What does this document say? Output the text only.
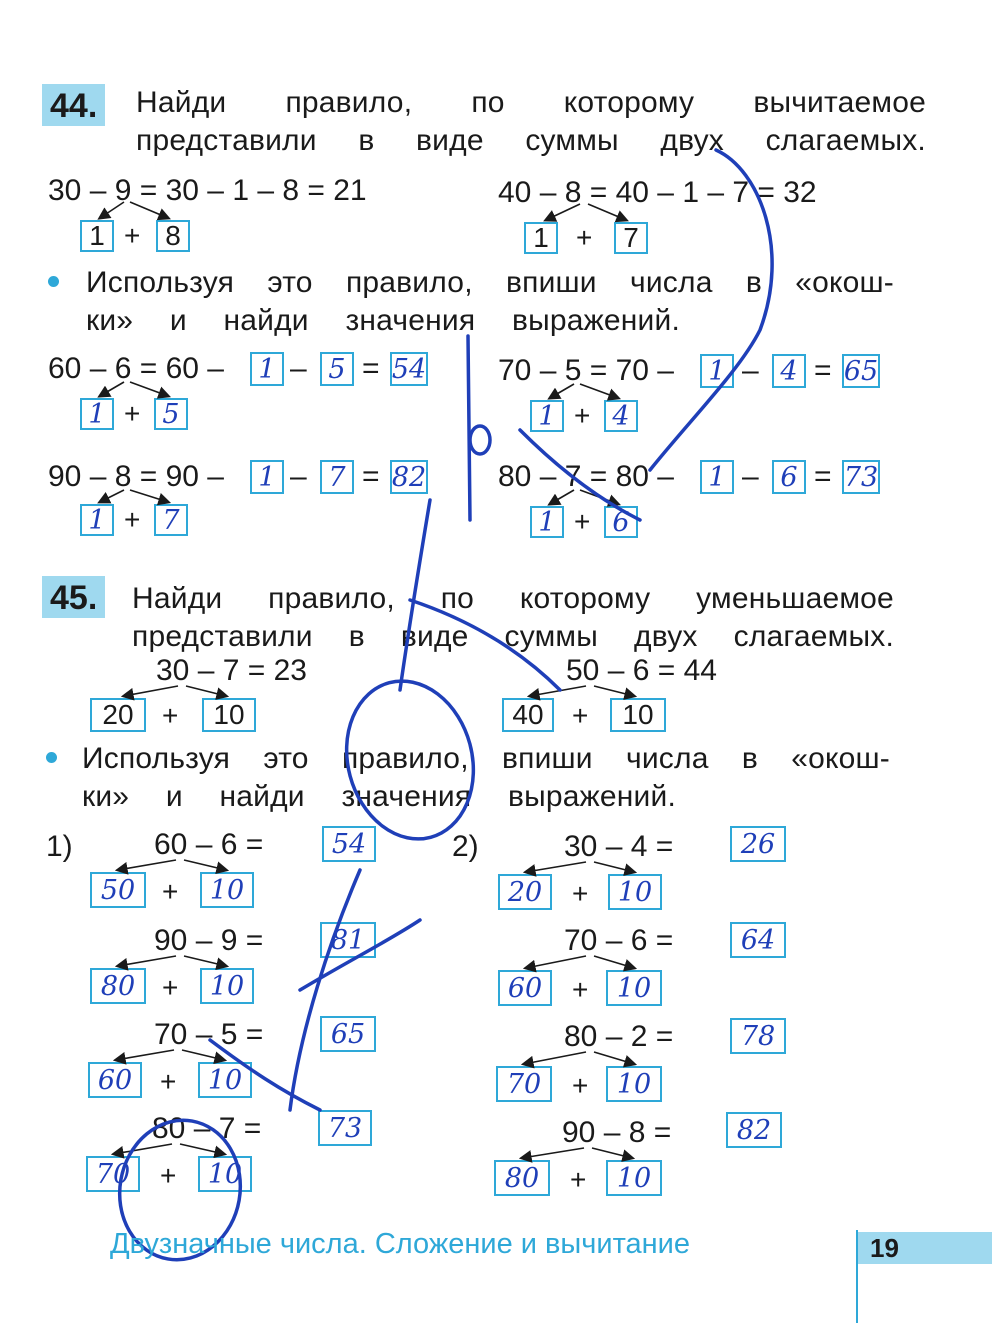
44. Найди правило, по которому вычитаемое
представили в виде суммы двух слагаемых.
30 – 9 = 30 – 1 – 8 = 21
1 + 8
40 – 8 = 40 – 1 – 7 = 32
1 +	7
Используя это правило, впиши числа в «окош-
ки» и найди значения выражений.
60 – 6 = 60 –	1 – 5 = 54
1 + 5
70 – 5 = 70 –	1 – 4 = 65
1 + 4
90 – 8 = 90 –	1 – 7 = 82
1 + 7
80 – 7 = 80 –	1 – 6 = 73
1 + 6
45. Найди правило, по которому уменьшаемое
представили в виде суммы двух слагаемых.
30 – 7 = 23
20	+	10
50 – 6 = 44
40	+	10
Используя это правило, впиши числа в «окош-
ки» и найди значения выражений.
1)	2)
60 – 6 =	54
50 +	10
90 – 9 =	81
80 +	10
70 – 5 =	65
60 +	10
80 – 7 =	73
70	+	10
30 – 4 =	26
20	+	10
70 – 6 =	64
60	+	10
80 – 2 =	78
70	+	10
90 – 8 =	82
80	+	10
Двузначные числа. Сложение и вычитание	19
